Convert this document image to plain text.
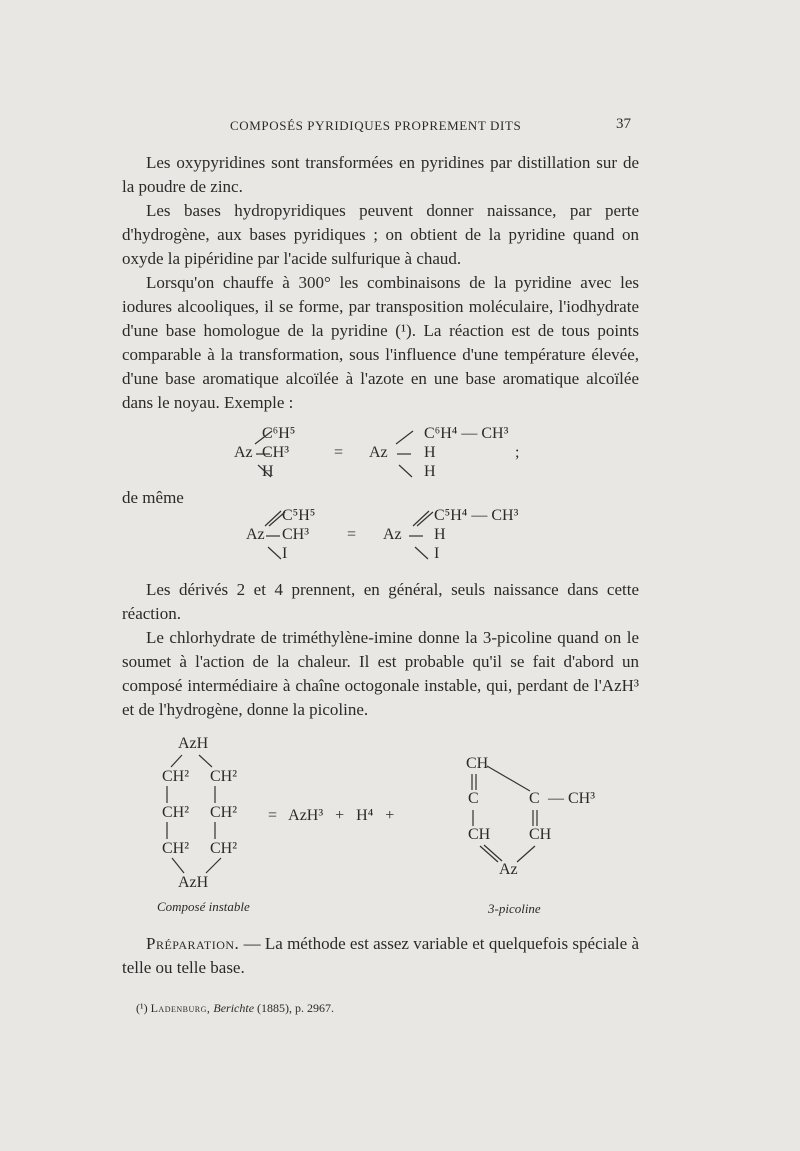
COMPOSÉS PYRIDIQUES PROPREMENT DITS	37

Les oxypyridines sont transformées en pyridines par distillation sur de la poudre de zinc.

Les bases hydropyridiques peuvent donner naissance, par perte d'hydrogène, aux bases pyridiques ; on obtient de la pyridine quand on oxyde la pipéridine par l'acide sulfurique à chaud.

Lorsqu'on chauffe à 300° les combinaisons de la pyridine avec les iodures alcooliques, il se forme, par transposition moléculaire, l'iodhydrate d'une base homologue de la pyridine (¹). La réaction est de tous points comparable à la transformation, sous l'influence d'une température élevée, d'une base aromatique alcoïlée à l'azote en une base aromatique alcoïlée dans le noyau. Exemple :

Az
C⁶H⁵
CH³
H
= Az
C⁶H⁴ — CH³
H
H
;
de même
Az
C⁵H⁵
CH³
I
= Az
C⁵H⁴ — CH³
H
I

Les dérivés 2 et 4 prennent, en général, seuls naissance dans cette réaction.

Le chlorhydrate de triméthylène-imine donne la 3-picoline quand on le soumet à l'action de la chaleur. Il est probable qu'il se fait d'abord un composé intermédiaire à chaîne octogonale instable, qui, perdant de l'AzH³ et de l'hydrogène, donne la picoline.

AzH
CH² CH²
CH² CH²
CH² CH²
AzH
= AzH³ + H⁴ +
CH
C	C — CH³
CH CH
Az
Composé instable	3-picoline

Préparation. — La méthode est assez variable et quelquefois spéciale à telle ou telle base.

(¹) Ladenburg, Berichte (1885), p. 2967.
